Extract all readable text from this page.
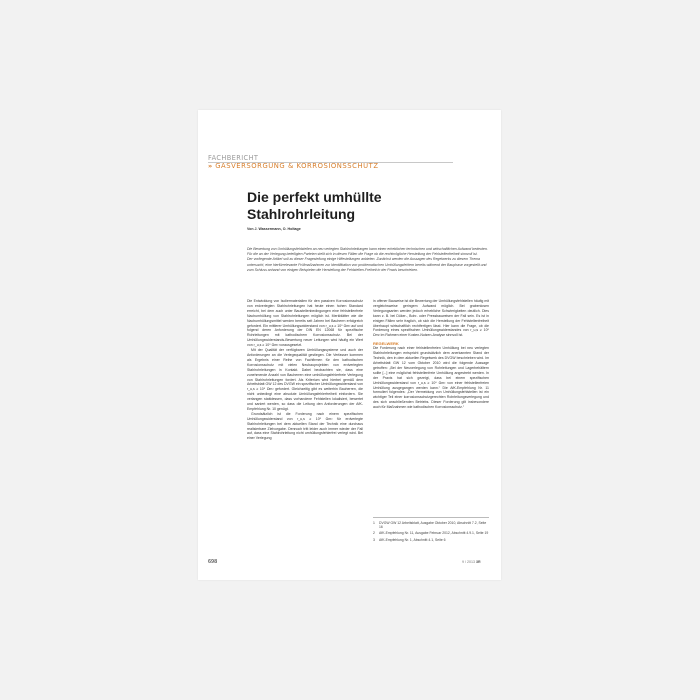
FACHBERICHT
» GASVERSORGUNG & KORROSIONSSCHUTZ
Die perfekt umhüllte
Stahlrohrleitung
Von J. Wassermann, O. Holtage

Die Bewertung von Umhüllungsfehlstellen an neu verlegten Stahlrohrleitungen kann einen erheblichen technischen und wirtschaftlichen Aufwand bedeuten. Für die an der Verlegung beteiligten Parteien stellt sich in diesen Fällen die Frage ob die rechtmögliche Herstellung der Fehlstellenfreiheit sinnvoll ist.

Der vorliegende Artikel soll zu dieser Fragestellung einige Hilfestellungen anbieten. Zunächst werden die Aussagen des Regelwerks zu diesem Thema untersucht, eine hierfürrelevante Prüfmaßnahmen zur Identifikation von problematischen Umhüllungsfehlern bereits während der Bauphase vorgestellt und zum Schluss anhand von einigen Beispielen die Herstellung der Fehlstellen-Freiheit in der Praxis beschrieben.

Die Entwicklung von Isoliermaterialien für den passiven Korrosionsschutz von erdverlegten Stahlrohrleitungen hat heute einen hohen Standard erreicht, bei dem auch unter Baustellenbedingungen eine fehlstellenfreie Nachumhüllung von Stahlrohrleitungen möglich ist. Merkblätter wie die Nachumhüllungsmittel werden bereits seit Jahren bei Bauherrn erfolgreich gefordert. Ein mittlerer Umhüllungswiderstand von r_u,s ≥ 10⁸ Ωm² auf und folgend deren Anforderung der DIN EN 12068 für spezifische Rohrleitungen mit kathodischem Korrosionsschutz. Bei der Umhüllungswiderstands-Bewertung neuer Leitungen wird häufig ein Wert von r_u,s ≥ 10⁸ Ωm² vorausgesetzt.

Mit der Qualität der verfügbaren Umhüllungssysteme und auch der Anforderungen an die Verlegequalität gestiegen. Die Verfasser kommen als Ergebnis einer Reihe von Fachfirmen für den kathodischen Korrosionsschutz mit vielen Neubauprojekten von erdverlegten Stahlrohrleitungen in Kontakt. Dabei beobachten sie, dass eine zunehmende Anzahl von Bauherren eine umhüllungsfehlerfreie Verlegung von Stahlrohrleitungen fordert. Als Kriterium wird hierbei gemäß dem Arbeitsblatt GW 12 des DVGW ein spezifischer Umhüllungswiderstand von r_u,s ≥ 10⁸ Ωm² gefordert. Gleichzeitig gibt es weiterhin Bauherren, die nicht unbedingt eine absolute Umhüllungsfehlerfreiheit einfordern. Sie verlangen stattdessen, dass vorhandene Fehlstellen lokalisiert, bewertet und saniert werden, so dass die Leitung den Anforderungen der AfK-Empfehlung Nr. 10 genügt.

Grundsätzlich ist die Forderung nach einem spezifischen Umhüllungswiderstand von r_u,s ≥ 10⁸ Ωm² für erdverlegte Stahlrohrleitungen bei dem aktuellen Stand der Technik eine durchaus realisierbare Zielvorgabe. Dennoch tritt leider auch immer wieder der Fall auf, dass eine Stahlrohrleitung nicht umhüllungsfehlerfrei verlegt wird. Bei einer Verlegung

in offener Bauweise ist die Bewertung der Umhüllungsfehlstellen häufig mit vergleichsweise geringem Aufwand möglich. Bei grabenlosen Verlegungsarten werden jedoch erhebliche Schwierigkeiten deutlich. Dies kann z. B. bei Düker-, Bohr- oder Pressbauweisen der Fall sein. Es ist in einigen Fällen sehr fraglich, ob sich die Herstellung der Fehlstellenfreiheit überhaupt wirtschaftlich rechtfertigen lässt. Hier kann die Frage, ob die Forderung eines spezifischen Umhüllungswiderstandes von r_u,s ≥ 10⁸ Ωm² im Rahmen einer Kosten-Nutzen-Analyse sinnvoll ist.

REGELWERK

Die Forderung nach einer fehlstellenfreien Umhüllung bei neu verlegten Stahlrohrleitungen entspricht grundsätzlich dem anerkannten Stand der Technik, den in dem aktuellen Regelwerk des DVGW beschrieben wird. Im Arbeitsblatt GW 12 vom Oktober 2010 wird die folgende Aussage getroffen: „Bei der Neuverlegung von Rohrleitungen und Lagerbehältern sollte [...] eine möglichst fehlstellenfreie Umhüllung angestrebt werden. In der Praxis hat sich gezeigt, dass bei einem spezifischen Umhüllungswiderstand von r_u,s ≥ 10⁸ Ωm² von einer fehlstellenfreien Umhüllung ausgegangen werden kann.“ Die AfK-Empfehlung Nr. 11 formuliert folgendes: „Der Vermeidung von Umhüllungsfehlstellen ist ein wichtiger Teil einer korrosionsschutzgerechten Rohrleitungsverlegung und des sich anschließenden Betriebs. Dieser Forderung gilt insbesondere auch für Maßnahmen wie kathodischen Korrosionsschutz.“

1	DVGW GW 12 Arbeitsblatt, Ausgabe Oktober 2010, Abschnitt 7.2, Seite 16
2	AfK-Empfehlung Nr. 11, Ausgabe Februar 2012, Abschnitt 4.9.1, Seite 19
3	AfK-Empfehlung Nr. 1, Abschnitt 4.1, Seite 6
698	9 / 2013 3R
